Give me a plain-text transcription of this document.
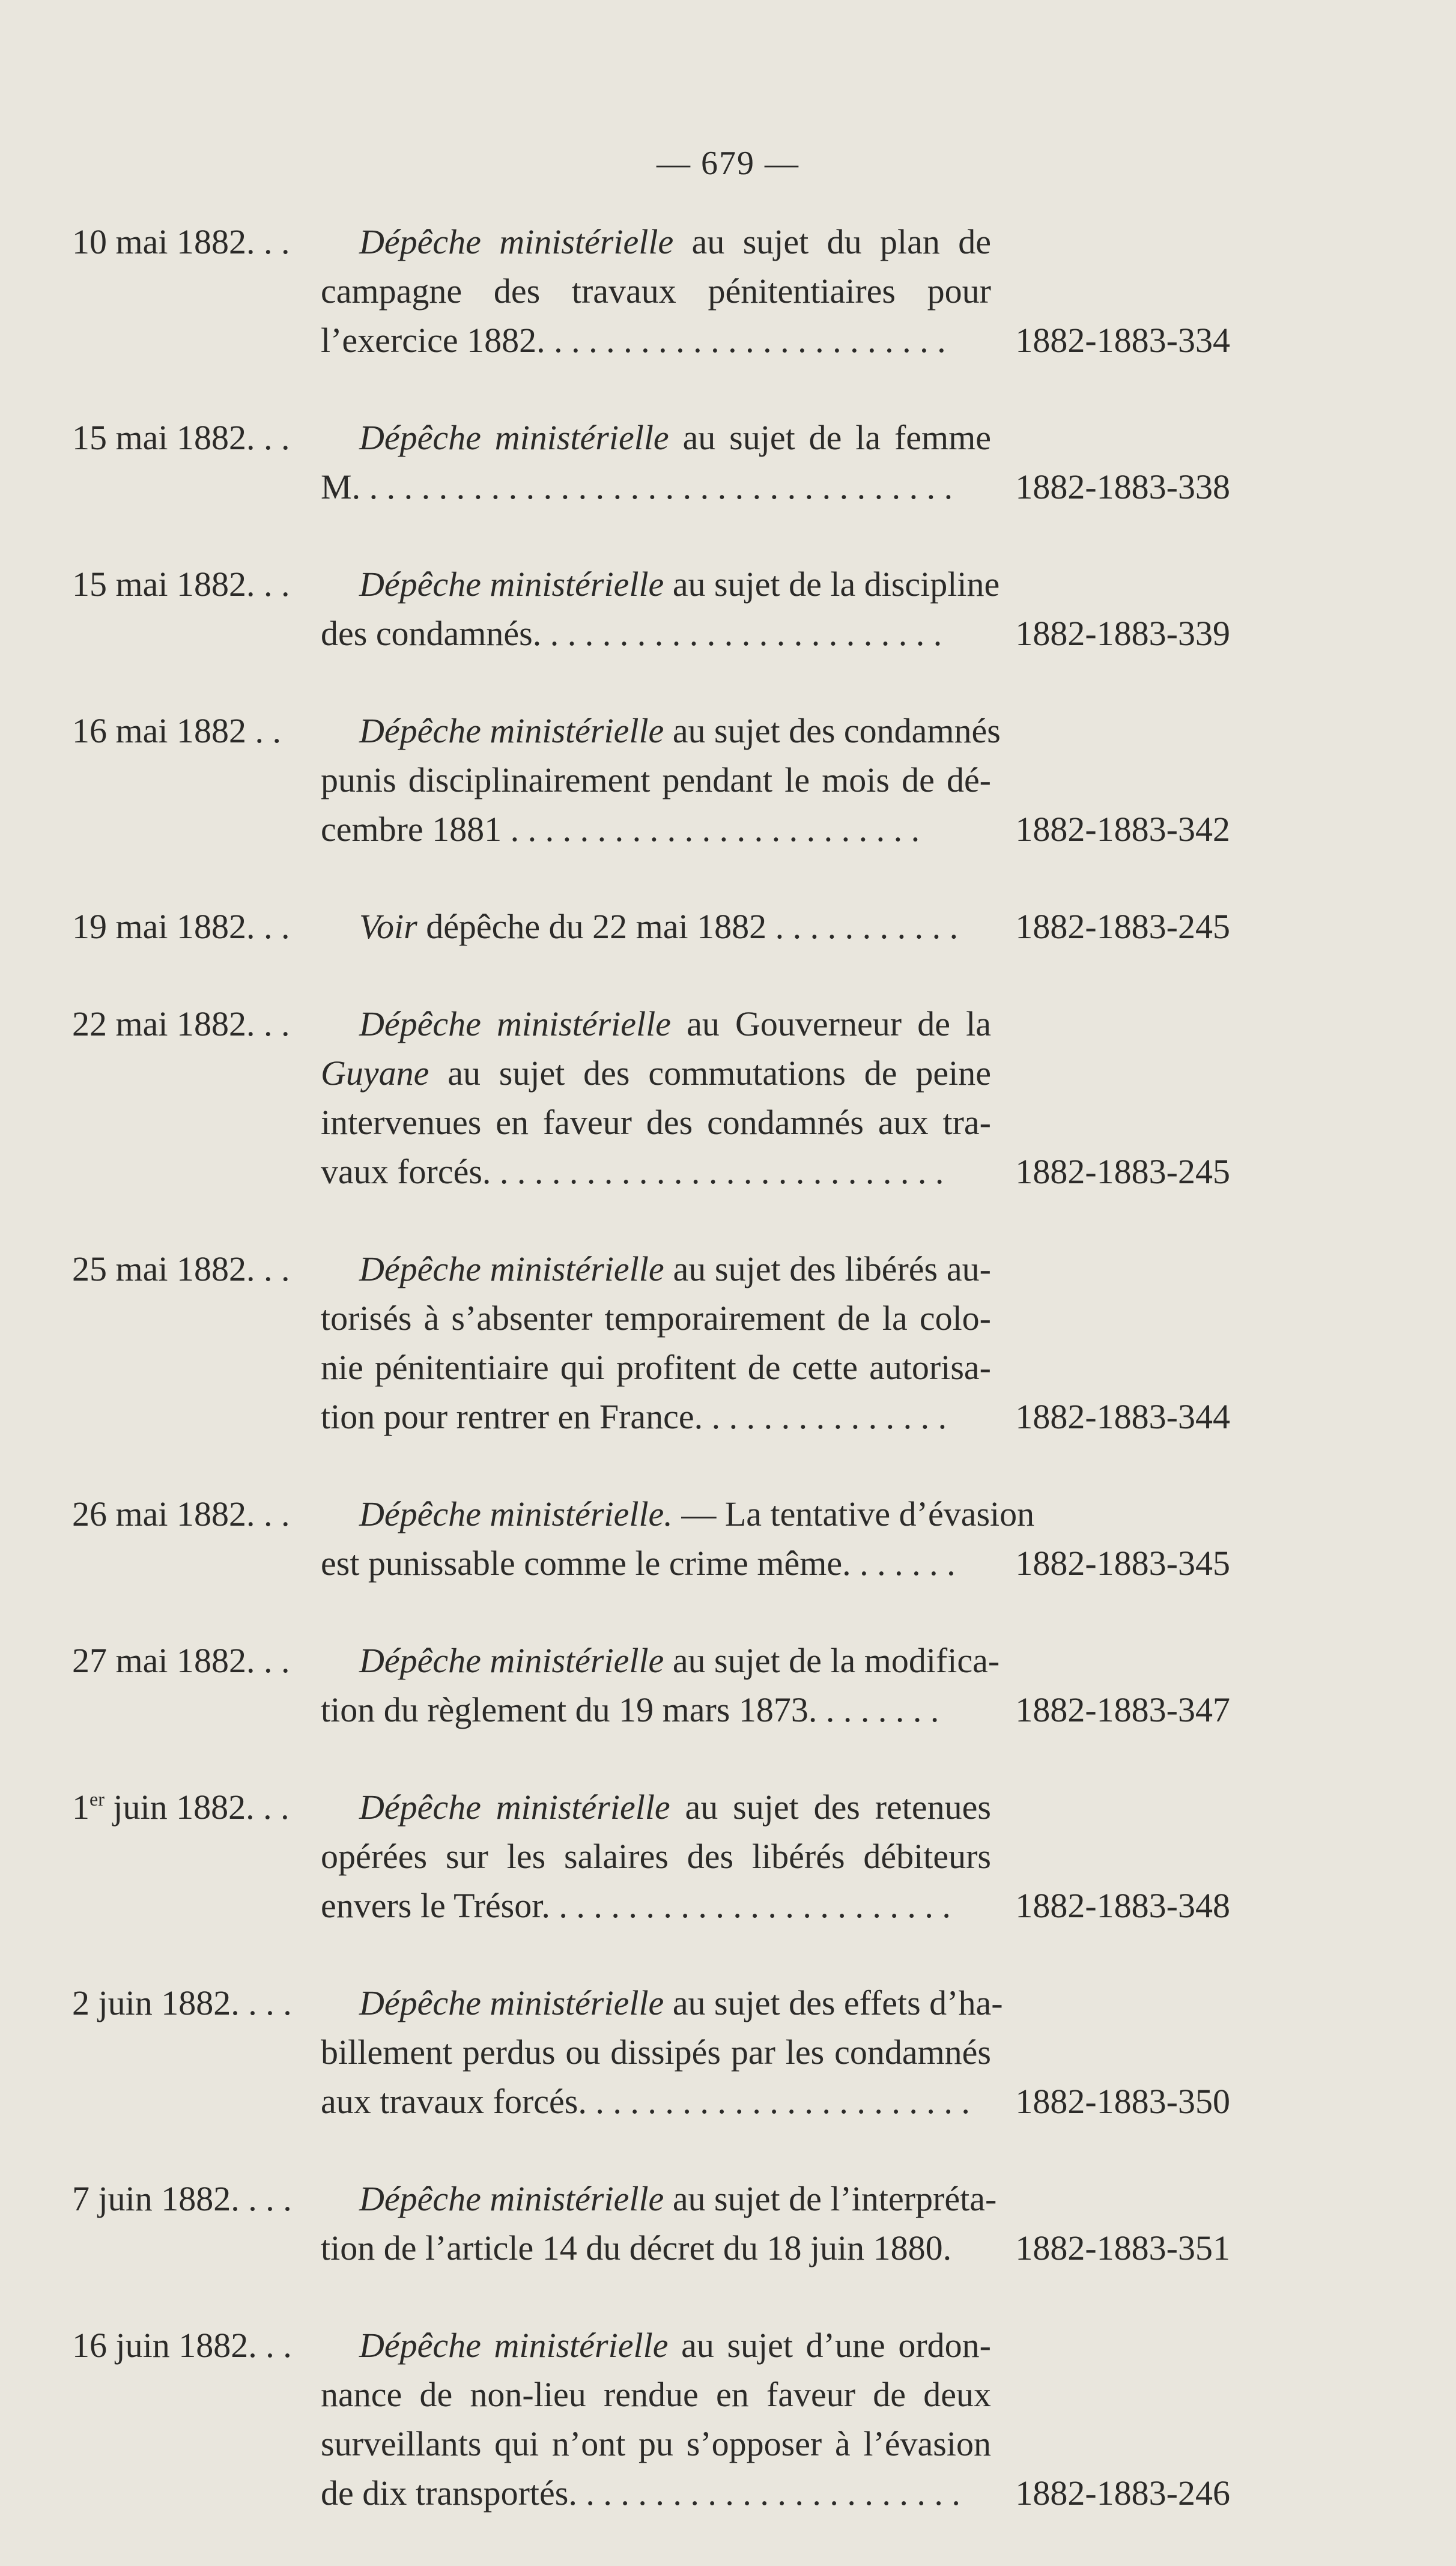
— 679 —
10 mai 1882. . .	Dépêche ministérielle au sujet du plan de
campagne des travaux pénitentiaires pour
l’exercice 1882. . . . . . . . . . . . . . . . . . . . . . . .	1882-1883-334
15 mai 1882. . .	Dépêche ministérielle au sujet de la femme
M. . . . . . . . . . . . . . . . . . . . . . . . . . . . . . . . . . .	1882-1883-338
15 mai 1882. . .	Dépêche ministérielle au sujet de la discipline
des condamnés. . . . . . . . . . . . . . . . . . . . . . . .	1882-1883-339
16 mai 1882 . .	Dépêche ministérielle au sujet des condamnés
punis disciplinairement pendant le mois de dé-
cembre 1881 . . . . . . . . . . . . . . . . . . . . . . . .	1882-1883-342
19 mai 1882. . .	Voir dépêche du 22 mai 1882 . . . . . . . . . . .	1882-1883-245
22 mai 1882. . .	Dépêche ministérielle au Gouverneur de la
Guyane au sujet des commutations de peine
intervenues en faveur des condamnés aux tra-
vaux forcés. . . . . . . . . . . . . . . . . . . . . . . . . . .	1882-1883-245
25 mai 1882. . .	Dépêche ministérielle au sujet des libérés au-
torisés à s’absenter temporairement de la colo-
nie pénitentiaire qui profitent de cette autorisa-
tion pour rentrer en France. . . . . . . . . . . . . . .	1882-1883-344
26 mai 1882. . .	Dépêche ministérielle. — La tentative d’évasion
est punissable comme le crime même. . . . . . .	1882-1883-345
27 mai 1882. . .	Dépêche ministérielle au sujet de la modifica-
tion du règlement du 19 mars 1873. . . . . . . .	1882-1883-347
1er juin 1882. . .	Dépêche ministérielle au sujet des retenues
opérées sur les salaires des libérés débiteurs
envers le Trésor. . . . . . . . . . . . . . . . . . . . . . . .	1882-1883-348
2 juin 1882. . . .	Dépêche ministérielle au sujet des effets d’ha-
billement perdus ou dissipés par les condamnés
aux travaux forcés. . . . . . . . . . . . . . . . . . . . . . .	1882-1883-350
7 juin 1882. . . .	Dépêche ministérielle au sujet de l’interpréta-
tion de l’article 14 du décret du 18 juin 1880.	1882-1883-351
16 juin 1882. . .	Dépêche ministérielle au sujet d’une ordon-
nance de non-lieu rendue en faveur de deux
surveillants qui n’ont pu s’opposer à l’évasion
de dix transportés. . . . . . . . . . . . . . . . . . . . . . .	1882-1883-246
